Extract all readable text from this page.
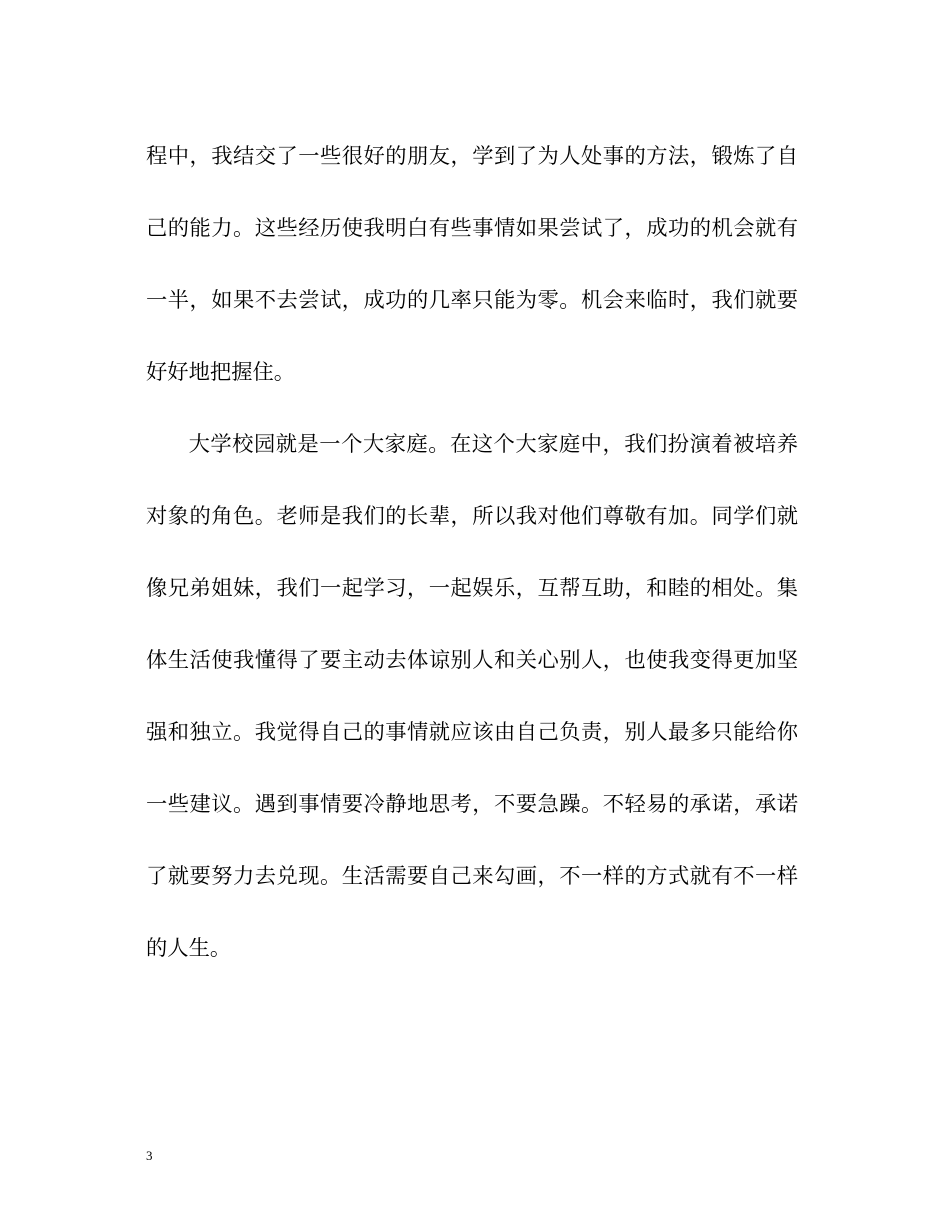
程中，我结交了一些很好的朋友，学到了为人处事的方法，锻炼了自
己的能力。这些经历使我明白有些事情如果尝试了，成功的机会就有
一半，如果不去尝试，成功的几率只能为零。机会来临时，我们就要
好好地把握住。
大学校园就是一个大家庭。在这个大家庭中，我们扮演着被培养
对象的角色。老师是我们的长辈，所以我对他们尊敬有加。同学们就
像兄弟姐妹，我们一起学习，一起娱乐，互帮互助，和睦的相处。集
体生活使我懂得了要主动去体谅别人和关心别人，也使我变得更加坚
强和独立。我觉得自己的事情就应该由自己负责，别人最多只能给你
一些建议。遇到事情要冷静地思考，不要急躁。不轻易的承诺，承诺
了就要努力去兑现。生活需要自己来勾画，不一样的方式就有不一样
的人生。
3
